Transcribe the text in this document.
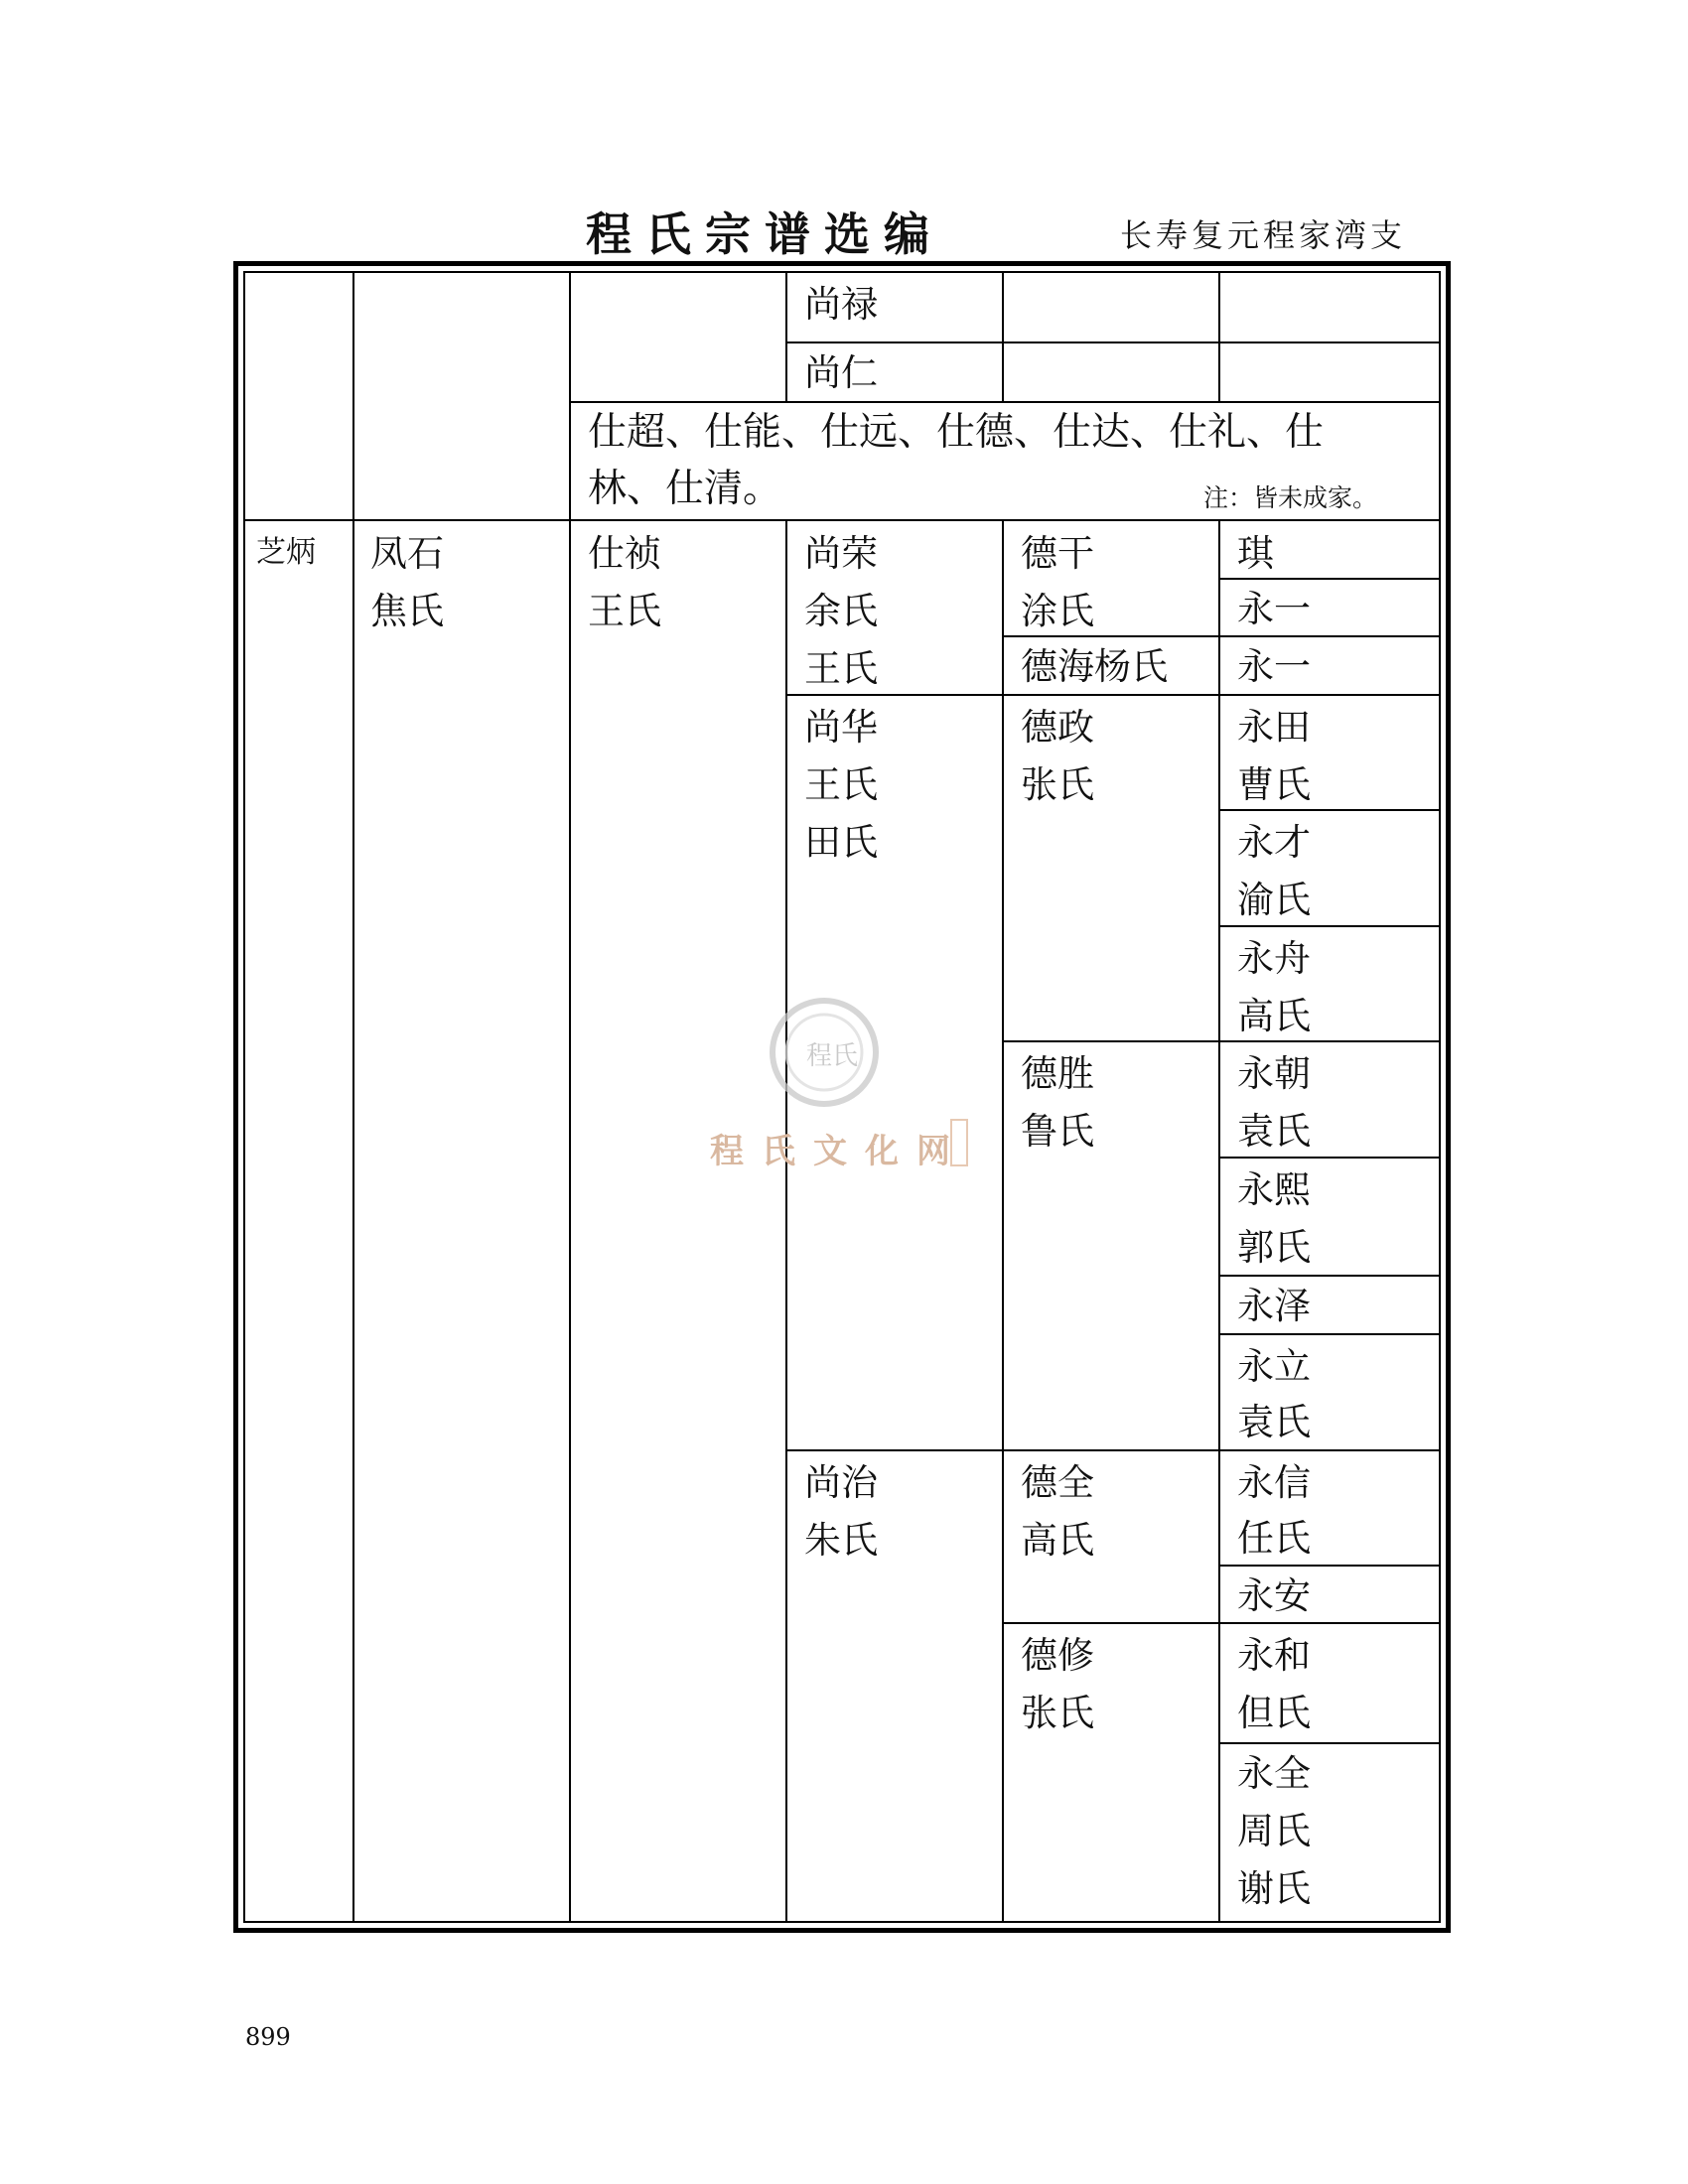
程氏宗谱选编	长寿复元程家湾支
尚禄
尚仁
仕超、仕能、仕远、仕德、仕达、仕礼、仕
林、仕清。	注：皆未成家。
芝炳 凤石
焦氏
仕祯
王氏
尚荣
余氏
王氏
尚华
王氏
田氏
尚治
朱氏
德干
涂氏
德海杨氏
德政
张氏
德胜
鲁氏
德全
高氏
德修
张氏
琪
永一
永一
永田
曹氏
永才
渝氏
永舟
高氏
永朝
袁氏
永熙
郭氏
永泽
永立
袁氏
永信
任氏
永安
永和
但氏
永全
周氏
谢氏
程氏
程氏文化网
899
